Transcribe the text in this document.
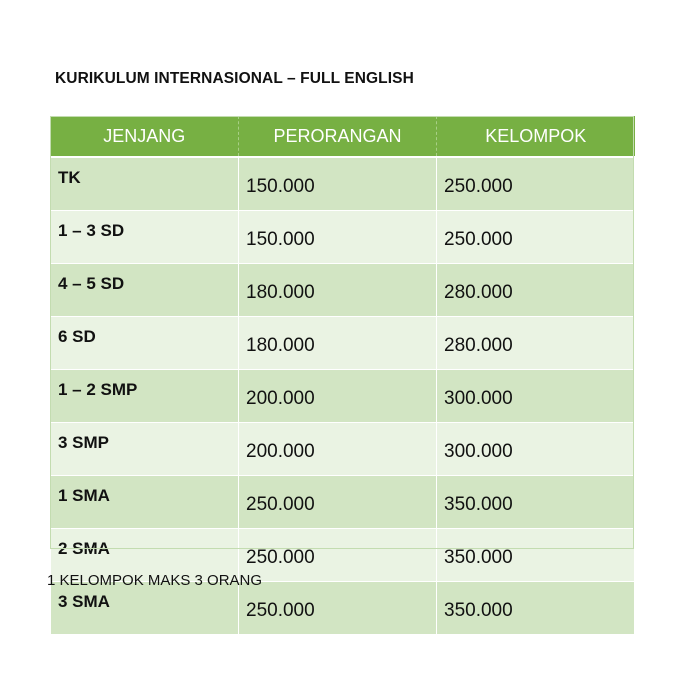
KURIKULUM INTERNASIONAL – FULL ENGLISH
JENJANG	PERORANGAN	KELOMPOK
TK	150.000	250.000
1 – 3 SD	150.000	250.000
4 – 5 SD	180.000	280.000
6 SD	180.000	280.000
1 – 2 SMP	200.000	300.000
3 SMP	200.000	300.000
1 SMA	250.000	350.000
2 SMA	250.000	350.000
3 SMA	250.000	350.000
1 KELOMPOK MAKS 3 ORANG
